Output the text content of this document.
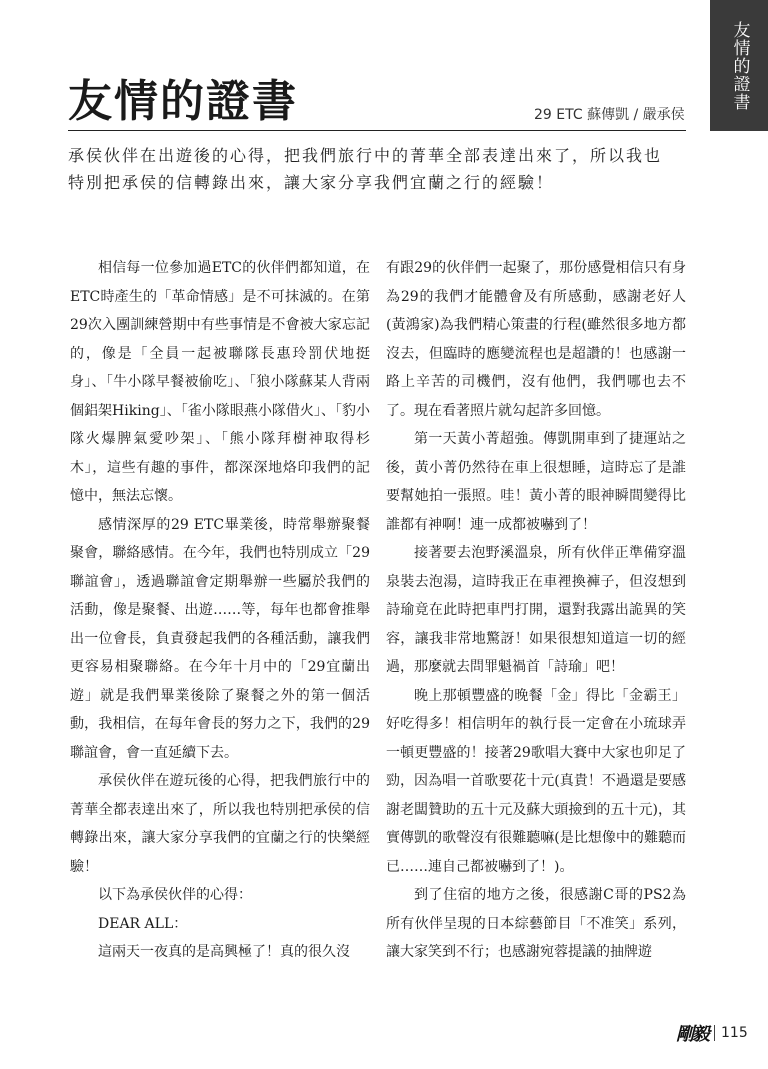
友情的證書
友情的證書	29 ETC 蘇傳凱 / 嚴承侯

承侯伙伴在出遊後的心得，把我們旅行中的菁華全部表達出來了，所以我也特別把承侯的信轉錄出來，讓大家分享我們宜蘭之行的經驗！

相信每一位參加過ETC的伙伴們都知道，在ETC時產生的「革命情感」是不可抹滅的。在第29次入團訓練營期中有些事情是不會被大家忘記的，像是「全員一起被聯隊長惠玲罰伏地挺身」、「牛小隊早餐被偷吃」、「狼小隊蘇某人背兩個鋁架Hiking」、「雀小隊眼燕小隊借火」、「豹小隊火爆脾氣愛吵架」、「熊小隊拜樹神取得杉木」，這些有趣的事件，都深深地烙印我們的記憶中，無法忘懷。

感情深厚的29 ETC畢業後，時常舉辦聚餐聚會，聯絡感情。在今年，我們也特別成立「29聯誼會」，透過聯誼會定期舉辦一些屬於我們的活動，像是聚餐、出遊……等，每年也都會推舉出一位會長，負責發起我們的各種活動，讓我們更容易相聚聯絡。在今年十月中的「29宜蘭出遊」就是我們畢業後除了聚餐之外的第一個活動，我相信，在每年會長的努力之下，我們的29聯誼會，會一直延續下去。

承侯伙伴在遊玩後的心得，把我們旅行中的菁華全都表達出來了，所以我也特別把承侯的信轉錄出來，讓大家分享我們的宜蘭之行的快樂經驗！

以下為承侯伙伴的心得：

DEAR ALL：

這兩天一夜真的是高興極了！真的很久沒

有跟29的伙伴們一起聚了，那份感覺相信只有身為29的我們才能體會及有所感動，感謝老好人(黃鴻家)為我們精心策畫的行程(雖然很多地方都沒去，但臨時的應變流程也是超讚的！也感謝一路上辛苦的司機們，沒有他們，我們哪也去不了。現在看著照片就勾起許多回憶。

第一天黃小菁超強。傳凱開車到了捷運站之後，黃小菁仍然待在車上很想睡，這時忘了是誰要幫她拍一張照。哇！黃小菁的眼神瞬間變得比誰都有神啊！連一成都被嚇到了！

接著要去泡野溪溫泉，所有伙伴正準備穿溫泉裝去泡湯，這時我正在車裡換褲子，但沒想到詩瑜竟在此時把車門打開，還對我露出詭異的笑容，讓我非常地驚訝！如果很想知道這一切的經過，那麼就去問罪魁禍首「詩瑜」吧！

晚上那頓豐盛的晚餐「金」得比「金霸王」好吃得多！相信明年的執行長一定會在小琉球弄一頓更豐盛的！接著29歌唱大賽中大家也卯足了勁，因為唱一首歌要花十元(真貴！不過還是要感謝老闆贊助的五十元及蘇大頭撿到的五十元)，其實傳凱的歌聲沒有很難聽嘛(是比想像中的難聽而已……連自己都被嚇到了！)。

到了住宿的地方之後，很感謝C哥的PS2為所有伙伴呈現的日本綜藝節目「不准笑」系列，讓大家笑到不行；也感謝宛蓉提議的抽牌遊

剛毅 115
